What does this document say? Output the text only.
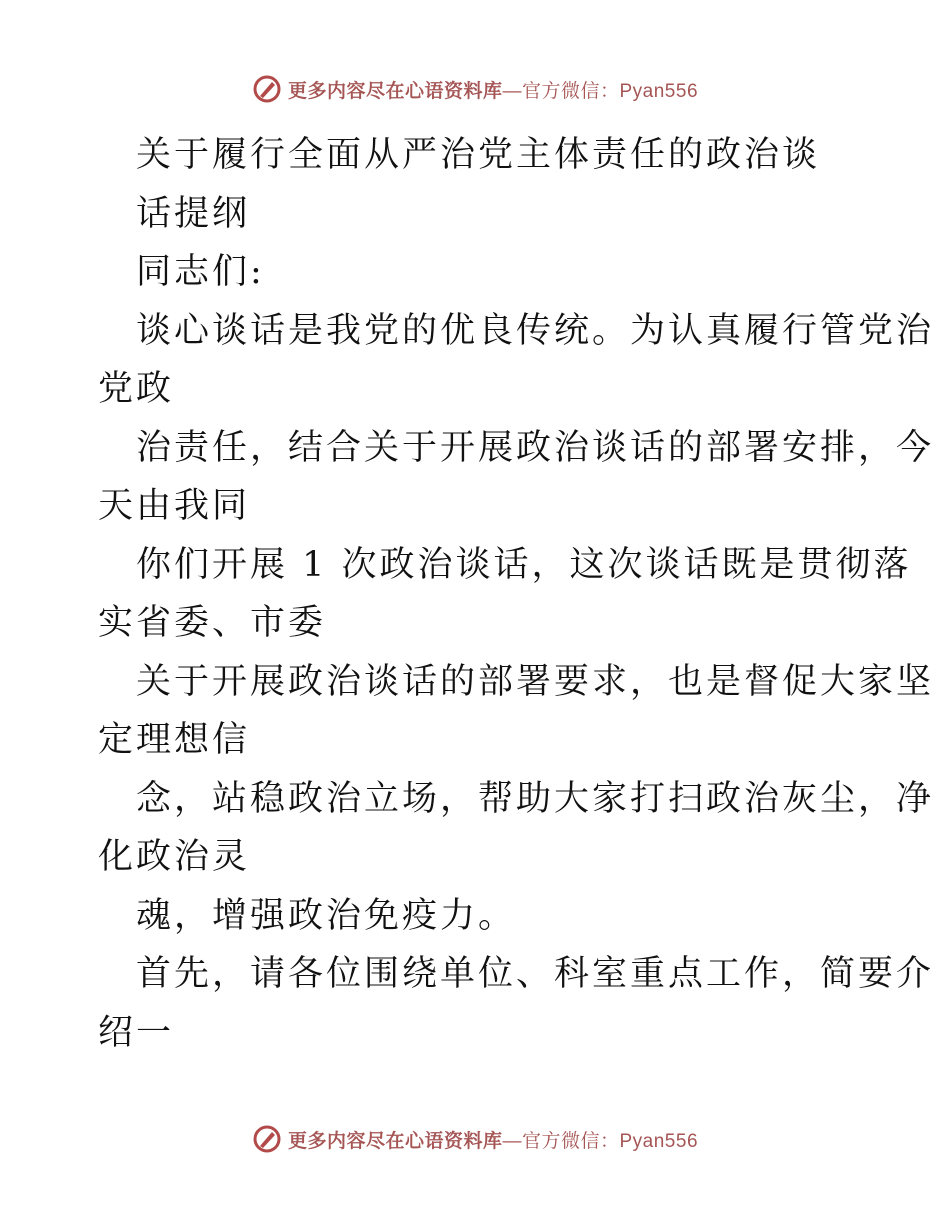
更多内容尽在心语资料库 —官方微信：Pyan556
关于履行全面从严治党主体责任的政治谈
话提纲
同志们:
谈心谈话是我党的优良传统。为认真履行管党治
党政
治责任，结合关于开展政治谈话的部署安排，今
天由我同
你们开展 1 次政治谈话，这次谈话既是贯彻落
实省委、市委
关于开展政治谈话的部署要求，也是督促大家坚
定理想信
念，站稳政治立场，帮助大家打扫政治灰尘，净
化政治灵
魂，增强政治免疫力。
首先，请各位围绕单位、科室重点工作，简要介
绍一
更多内容尽在心语资料库 —官方微信：Pyan556
